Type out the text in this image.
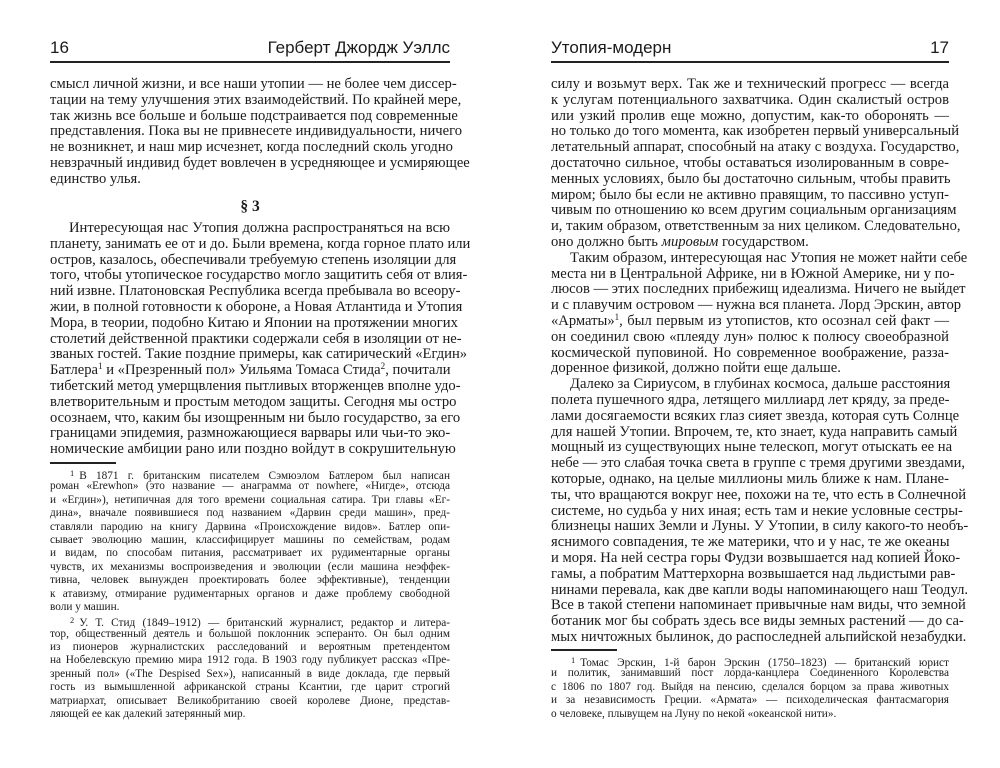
16	Герберт Джордж Уэллс
смысл личной жизни, и все наши утопии — не более чем диссер-
тации на тему улучшения этих взаимодействий. По крайней мере,
так жизнь все больше и больше подстраивается под современные
представления. Пока вы не привнесете индивидуальности, ничего
не возникнет, и наш мир исчезнет, когда последний сколь угодно
невзрачный индивид будет вовлечен в усредняющее и усмиряющее
единство улья.
§ 3
Интересующая нас Утопия должна распространяться на всю
планету, занимать ее от и до. Были времена, когда горное плато или
остров, казалось, обеспечивали требуемую степень изоляции для
того, чтобы утопическое государство могло защитить себя от влия-
ний извне. Платоновская Республика всегда пребывала во всеору-
жии, в полной готовности к обороне, а Новая Атлантида и Утопия
Мора, в теории, подобно Китаю и Японии на протяжении многих
столетий действенной практики содержали себя в изоляции от не-
званых гостей. Такие поздние примеры, как сатирический «Егдин»
Батлера$^1$ и «Презренный пол» Уильяма Томаса Стида$^2$, почитали
тибетский метод умерщвления пытливых вторженцев вполне удо-
влетворительным и простым методом защиты. Сегодня мы остро
осознаем, что, каким бы изощренным ни было государство, за его
границами эпидемия, размножающиеся варвары или чьи-то эко-
номические амбиции рано или поздно войдут в сокрушительную
$^1$ В 1871 г. британским писателем Сэмюэлом Батлером был написан
роман «Erewhon» (это название — анаграмма от nowhere, «Нигде», отсюда
и «Егдин»), нетипичная для того времени социальная сатира. Три главы «Ег-
дина», вначале появившиеся под названием «Дарвин среди машин», пред-
ставляли пародию на книгу Дарвина «Происхождение видов». Батлер опи-
сывает эволюцию машин, классифицирует машины по семействам, родам
и видам, по способам питания, рассматривает их рудиментарные органы
чувств, их механизмы воспроизведения и эволюции (если машина неэффек-
тивна, человек вынужден проектировать более эффективные), тенденции
к атавизму, отмирание рудиментарных органов и даже проблему свободной
воли у машин.
$^2$ У. Т. Стид (1849–1912) — британский журналист, редактор и литера-
тор, общественный деятель и большой поклонник эсперанто. Он был одним
из пионеров журналистских расследований и вероятным претендентом
на Нобелевскую премию мира 1912 года. В 1903 году публикует рассказ «Пре-
зренный пол» («The Despised Sex»), написанный в виде доклада, где первый
гость из вымышленной африканской страны Ксантии, где царит строгий
матриархат, описывает Великобританию своей королеве Дионе, представ-
ляющей ее как далекий затерянный мир.
Утопия-модерн	17
силу и возьмут верх. Так же и технический прогресс — всегда
к услугам потенциального захватчика. Один скалистый остров
или узкий пролив еще можно, допустим, как-то оборонять —
но только до того момента, как изобретен первый универсальный
летательный аппарат, способный на атаку с воздуха. Государство,
достаточно сильное, чтобы оставаться изолированным в совре-
менных условиях, было бы достаточно сильным, чтобы править
миром; было бы если не активно правящим, то пассивно уступ-
чивым по отношению ко всем другим социальным организациям
и, таким образом, ответственным за них целиком. Следовательно,
оно должно быть мировым государством.
Таким образом, интересующая нас Утопия не может найти себе
места ни в Центральной Африке, ни в Южной Америке, ни у по-
люсов — этих последних прибежищ идеализма. Ничего не выйдет
и с плавучим островом — нужна вся планета. Лорд Эрскин, автор
«Арматы»$^1$, был первым из утопистов, кто осознал сей факт —
он соединил свою «плеяду лун» полюс к полюсу своеобразной
космической пуповиной. Но современное воображение, разза-
доренное физикой, должно пойти еще дальше.
Далеко за Сириусом, в глубинах космоса, дальше расстояния
полета пушечного ядра, летящего миллиард лет кряду, за преде-
лами досягаемости всяких глаз сияет звезда, которая суть Солнце
для нашей Утопии. Впрочем, те, кто знает, куда направить самый
мощный из существующих ныне телескоп, могут отыскать ее на
небе — это слабая точка света в группе с тремя другими звездами,
которые, однако, на целые миллионы миль ближе к нам. Плане-
ты, что вращаются вокруг нее, похожи на те, что есть в Солнечной
системе, но судьба у них иная; есть там и некие условные сестры-
близнецы наших Земли и Луны. У Утопии, в силу какого-то необъ-
яснимого совпадения, те же материки, что и у нас, те же океаны
и моря. На ней сестра горы Фудзи возвышается над копией Йоко-
гамы, а побратим Маттерхорна возвышается над льдистыми рав-
нинами перевала, как две капли воды напоминающего наш Теодул.
Все в такой степени напоминает привычные нам виды, что земной
ботаник мог бы собрать здесь все виды земных растений — до са-
мых ничтожных былинок, до распоследней альпийской незабудки.
$^1$ Томас Эрскин, 1-й барон Эрскин (1750–1823) — британский юрист
и политик, занимавший пост лорда-канцлера Соединенного Королевства
с 1806 по 1807 год. Выйдя на пенсию, сделался борцом за права животных
и за независимость Греции. «Армата» — психоделическая фантасмагория
о человеке, плывущем на Луну по некой «океанской нити».
